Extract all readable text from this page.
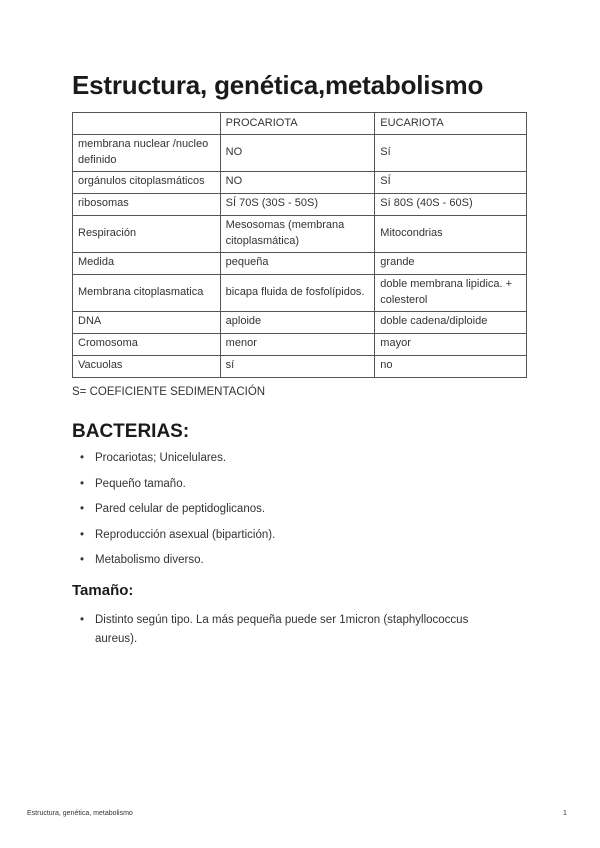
Estructura, genética,metabolismo
	PROCARIOTA	EUCARIOTA
membrana nuclear /nucleo definido	NO	Sí
orgánulos citoplasmáticos	NO	SÍ
ribosomas	SÍ 70S (30S - 50S)	Sí 80S (40S - 60S)
Respiración	Mesosomas (membrana citoplasmática)	Mitocondrias
Medida	pequeña	grande
Membrana citoplasmatica	bicapa fluida de fosfolípidos.	doble membrana lipidica. + colesterol
DNA	aploide	doble cadena/diploide
Cromosoma	menor	mayor
Vacuolas	sí	no

S= COEFICIENTE SEDIMENTACIÓN

BACTERIAS:
• Procariotas; Unicelulares.
• Pequeño tamaño.
• Pared celular de peptidoglicanos.
• Reproducción asexual (bipartición).
• Metabolismo diverso.
Tamaño:
• Distinto según tipo. La más pequeña puede ser 1micron (staphyllococcus aureus).
Estructura, genética, metabolismo	1
